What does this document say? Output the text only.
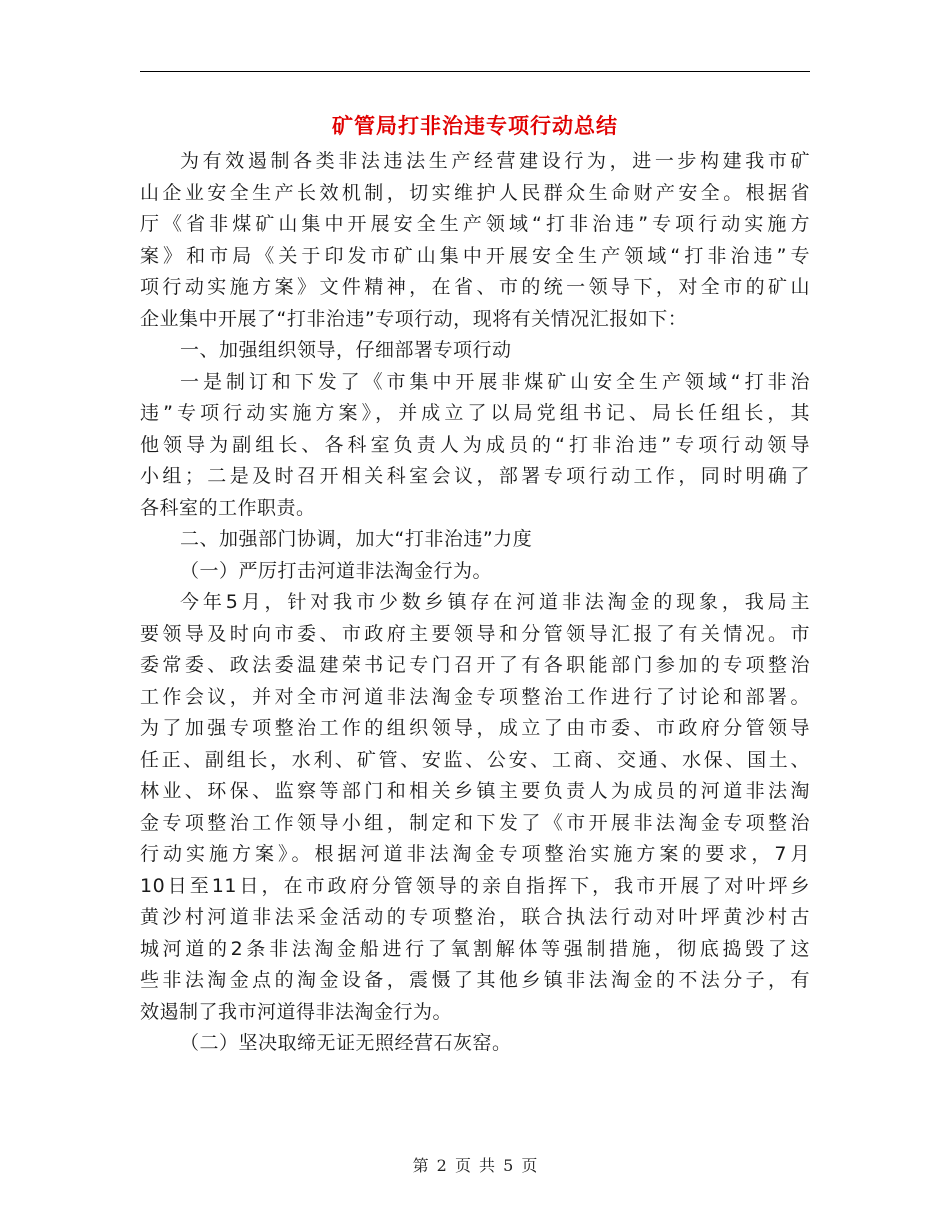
矿管局打非治违专项行动总结
为有效遏制各类非法违法生产经营建设行为，进一步构建我市矿
山企业安全生产长效机制，切实维护人民群众生命财产安全。根据省
厅《省非煤矿山集中开展安全生产领域“打非治违”专项行动实施方
案》和市局《关于印发市矿山集中开展安全生产领域“打非治违”专
项行动实施方案》文件精神，在省、市的统一领导下，对全市的矿山
企业集中开展了“打非治违”专项行动，现将有关情况汇报如下：
一、加强组织领导，仔细部署专项行动
一是制订和下发了《市集中开展非煤矿山安全生产领域“打非治
违”专项行动实施方案》，并成立了以局党组书记、局长任组长，其
他领导为副组长、各科室负责人为成员的“打非治违”专项行动领导
小组；二是及时召开相关科室会议，部署专项行动工作，同时明确了
各科室的工作职责。
二、加强部门协调，加大“打非治违”力度
（一）严厉打击河道非法淘金行为。
今年5月，针对我市少数乡镇存在河道非法淘金的现象，我局主
要领导及时向市委、市政府主要领导和分管领导汇报了有关情况。市
委常委、政法委温建荣书记专门召开了有各职能部门参加的专项整治
工作会议，并对全市河道非法淘金专项整治工作进行了讨论和部署。
为了加强专项整治工作的组织领导，成立了由市委、市政府分管领导
任正、副组长，水利、矿管、安监、公安、工商、交通、水保、国土、
林业、环保、监察等部门和相关乡镇主要负责人为成员的河道非法淘
金专项整治工作领导小组，制定和下发了《市开展非法淘金专项整治
行动实施方案》。根据河道非法淘金专项整治实施方案的要求，7月
10日至11日，在市政府分管领导的亲自指挥下，我市开展了对叶坪乡
黄沙村河道非法采金活动的专项整治，联合执法行动对叶坪黄沙村古
城河道的2条非法淘金船进行了氧割解体等强制措施，彻底捣毁了这
些非法淘金点的淘金设备，震慑了其他乡镇非法淘金的不法分子，有
效遏制了我市河道得非法淘金行为。
（二）坚决取缔无证无照经营石灰窑。
第 2 页 共 5 页
